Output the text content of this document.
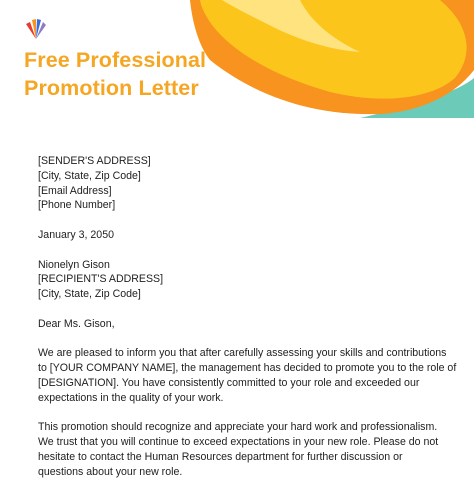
Free Professional
Promotion Letter
[SENDER'S ADDRESS]
[City, State, Zip Code]
[Email Address]
[Phone Number]
January 3, 2050
Nionelyn Gison
[RECIPIENT'S ADDRESS]
[City, State, Zip Code]
Dear Ms. Gison,
We are pleased to inform you that after carefully assessing your skills and contributions
to [YOUR COMPANY NAME], the management has decided to promote you to the role of
[DESIGNATION]. You have consistently committed to your role and exceeded our
expectations in the quality of your work.
This promotion should recognize and appreciate your hard work and professionalism.
We trust that you will continue to exceed expectations in your new role. Please do not
hesitate to contact the Human Resources department for further discussion or
questions about your new role.
